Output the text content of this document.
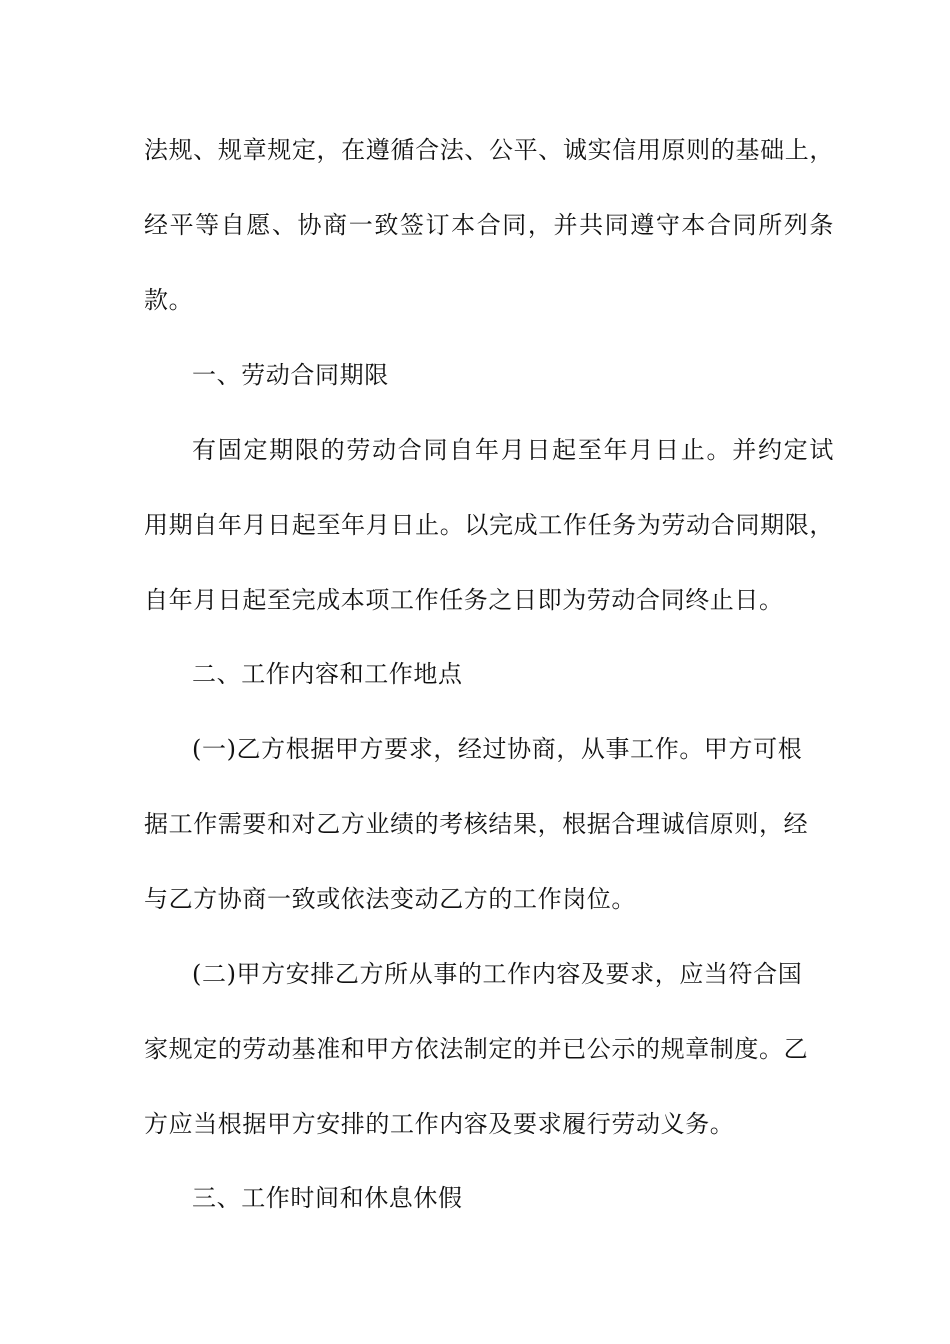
法规、规章规定，在遵循合法、公平、诚实信用原则的基础上，
经平等自愿、协商一致签订本合同，并共同遵守本合同所列条
款。
一、劳动合同期限
有固定期限的劳动合同自年月日起至年月日止。并约定试
用期自年月日起至年月日止。以完成工作任务为劳动合同期限，
自年月日起至完成本项工作任务之日即为劳动合同终止日。
二、工作内容和工作地点
(一)乙方根据甲方要求，经过协商，从事工作。甲方可根
据工作需要和对乙方业绩的考核结果，根据合理诚信原则，经
与乙方协商一致或依法变动乙方的工作岗位。
(二)甲方安排乙方所从事的工作内容及要求，应当符合国
家规定的劳动基准和甲方依法制定的并已公示的规章制度。乙
方应当根据甲方安排的工作内容及要求履行劳动义务。
三、工作时间和休息休假
